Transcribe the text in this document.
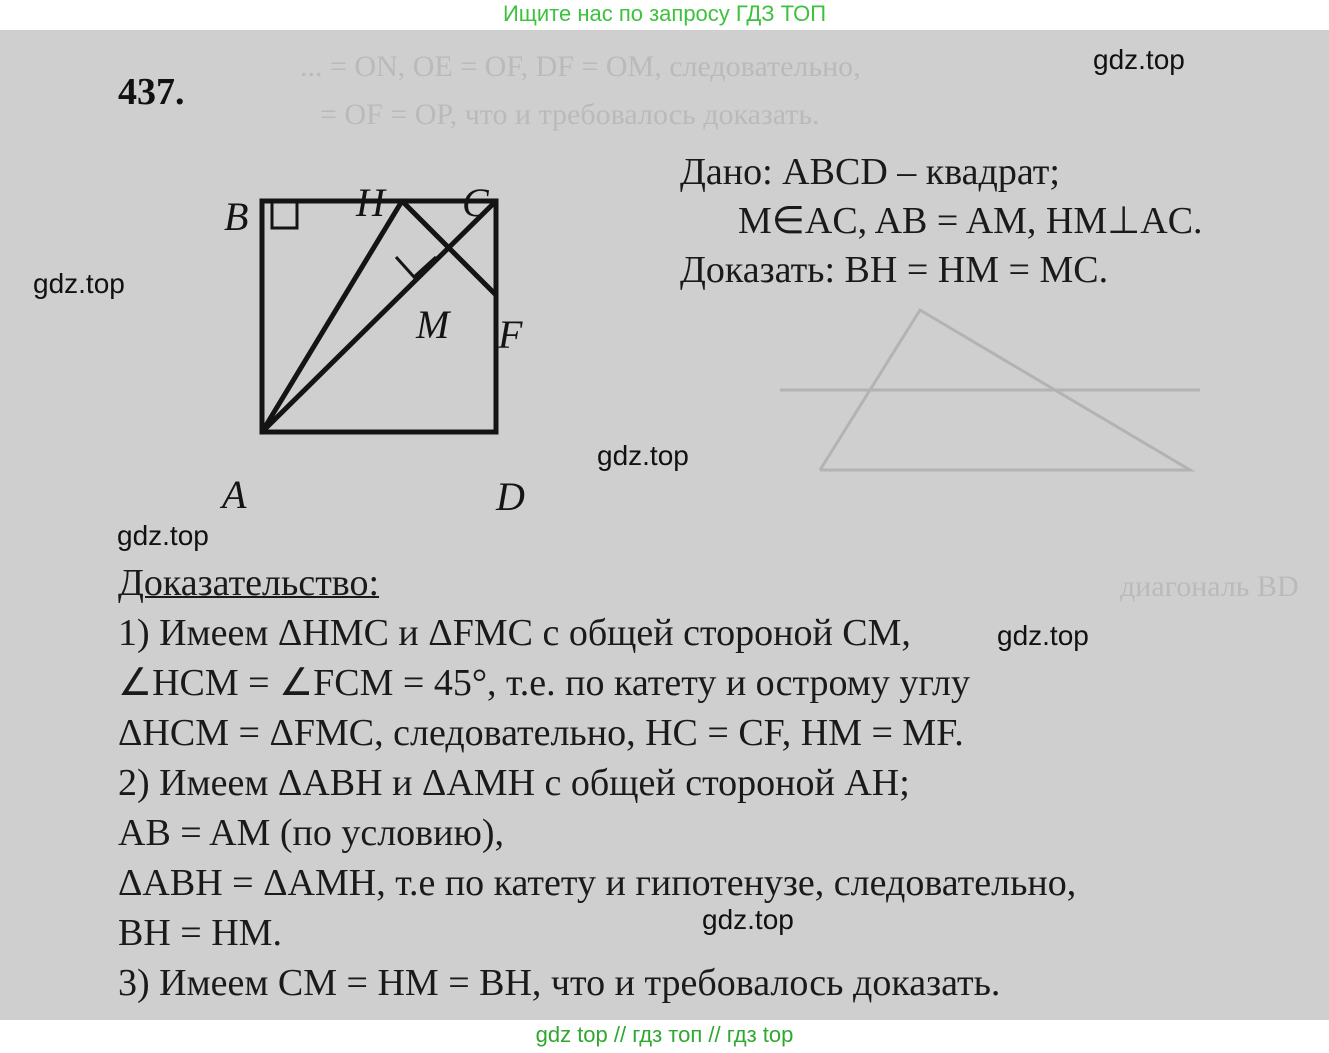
Ищите нас по запросу ГДЗ ТОП
... = ON, OE = OF, DF = OM, следовательно,
= OF = OP, что и требовалось доказать.
диагональ BD
437.
gdz.top
gdz.top
gdz.top
gdz.top
gdz.top
gdz.top
B	H C
A	D
M F
Дано: ABCD – квадрат;
M∈AC, AB = AM, HM⊥AC.
Доказать: BH = HM = MC.
Доказательство:
1) Имеем ΔHMC и ΔFMC с общей стороной CM,
∠HCM = ∠FCM = 45°, т.е. по катету и острому углу
ΔHCM = ΔFMC, следовательно, HC = CF, HM = MF.
2) Имеем ΔABH и ΔAMH с общей стороной AH;
AB = AM (по условию),
ΔABH = ΔAMH, т.е по катету и гипотенузе, следовательно,
BH = HM.
3) Имеем CM = HM = BH, что и требовалось доказать.
gdz top // гдз топ // гдз top
